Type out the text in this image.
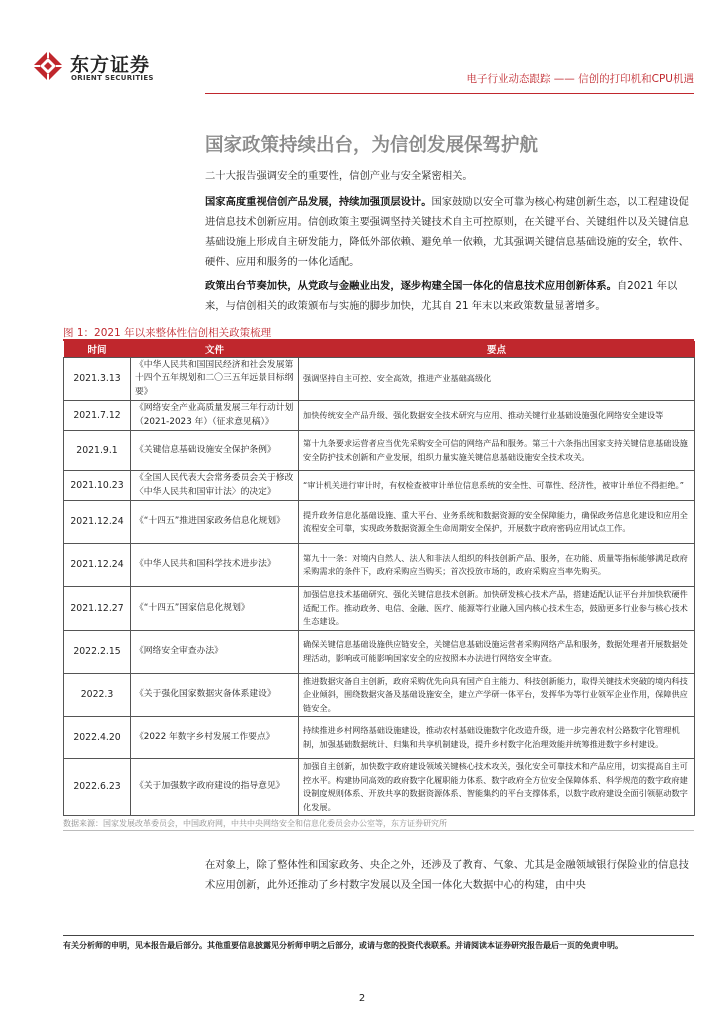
东方证券
ORIENT SECURITIES	电子行业动态跟踪 —— 信创的打印机和CPU机遇
国家政策持续出台，为信创发展保驾护航
二十大报告强调安全的重要性，信创产业与安全紧密相关。
国家高度重视信创产品发展，持续加强顶层设计。国家鼓励以安全可靠为核心构建创新生态，以工程建设促进信息技术创新应用。信创政策主要强调坚持关键技术自主可控原则，在关键平台、关键组件以及关键信息基础设施上形成自主研发能力，降低外部依赖、避免单一依赖，尤其强调关键信息基础设施的安全，软件、硬件、应用和服务的一体化适配。
政策出台节奏加快，从党政与金融业出发，逐步构建全国一体化的信息技术应用创新体系。自2021 年以来，与信创相关的政策颁布与实施的脚步加快，尤其自 21 年末以来政策数量显著增多。
图 1：2021 年以来整体性信创相关政策梳理
时间	文件	要点
2021.3.13	《中华人民共和国国民经济和社会发展第十四个五年规划和二〇三五年远景目标纲要》	强调坚持自主可控、安全高效，推进产业基础高级化
2021.7.12	《网络安全产业高质量发展三年行动计划（2021-2023 年）（征求意见稿）》	加快传统安全产品升级、强化数据安全技术研究与应用、推动关键行业基础设施强化网络安全建设等
2021.9.1	《关键信息基础设施安全保护条例》	第十九条要求运营者应当优先采购安全可信的网络产品和服务。第三十六条指出国家支持关键信息基础设施安全防护技术创新和产业发展，组织力量实施关键信息基础设施安全技术攻关。
2021.10.23	《全国人民代表大会常务委员会关于修改〈中华人民共和国审计法〉的决定》	“审计机关进行审计时，有权检查被审计单位信息系统的安全性、可靠性、经济性，被审计单位不得拒绝。”
2021.12.24	《“十四五”推进国家政务信息化规划》	提升政务信息化基础设施、重大平台、业务系统和数据资源的安全保障能力，确保政务信息化建设和应用全流程安全可靠，实现政务数据资源全生命周期安全保护，开展数字政府密码应用试点工作。
2021.12.24	《中华人民共和国科学技术进步法》	第九十一条：对境内自然人、法人和非法人组织的科技创新产品、服务，在功能、质量等指标能够满足政府采购需求的条件下，政府采购应当购买；首次投放市场的，政府采购应当率先购买。
2021.12.27	《“十四五”国家信息化规划》	加强信息技术基础研究、强化关键信息技术创新。加快研发核心技术产品，搭建适配认证平台并加快软硬件适配工作。推动政务、电信、金融、医疗、能源等行业融入国内核心技术生态，鼓励更多行业参与核心技术生态建设。
2022.2.15	《网络安全审查办法》	确保关键信息基础设施供应链安全，关键信息基础设施运营者采购网络产品和服务，数据处理者开展数据处理活动，影响或可能影响国家安全的应按照本办法进行网络安全审查。
2022.3	《关于强化国家数据灾备体系建设》	推进数据灾备自主创新，政府采购优先向具有国产自主能力、科技创新能力，取得关键技术突破的境内科技企业倾斜，围绕数据灾备及基础设施安全，建立产学研一体平台，发挥华为等行业领军企业作用，保障供应链安全。
2022.4.20	《2022 年数字乡村发展工作要点》	持续推进乡村网络基础设施建设，推动农村基础设施数字化改造升级，进一步完善农村公路数字化管理机制，加强基础数据统计、归集和共享机制建设，提升乡村数字化治理效能并统筹推进数字乡村建设。
2022.6.23	《关于加强数字政府建设的指导意见》	加强自主创新，加快数字政府建设领域关键核心技术攻关，强化安全可靠技术和产品应用，切实提高自主可控水平。构建协同高效的政府数字化履职能力体系、数字政府全方位安全保障体系、科学规范的数字政府建设制度规则体系、开放共享的数据资源体系、智能集约的平台支撑体系，以数字政府建设全面引领驱动数字化发展。
数据来源：国家发展改革委员会，中国政府网，中共中央网络安全和信息化委员会办公室等，东方证券研究所
在对象上，除了整体性和国家政务、央企之外，还涉及了教育、气象、尤其是金融领域银行保险业的信息技术应用创新，此外还推动了乡村数字发展以及全国一体化大数据中心的构建，由中央
有关分析师的申明，见本报告最后部分。其他重要信息披露见分析师申明之后部分，或请与您的投资代表联系。并请阅读本证券研究报告最后一页的免责申明。
2
